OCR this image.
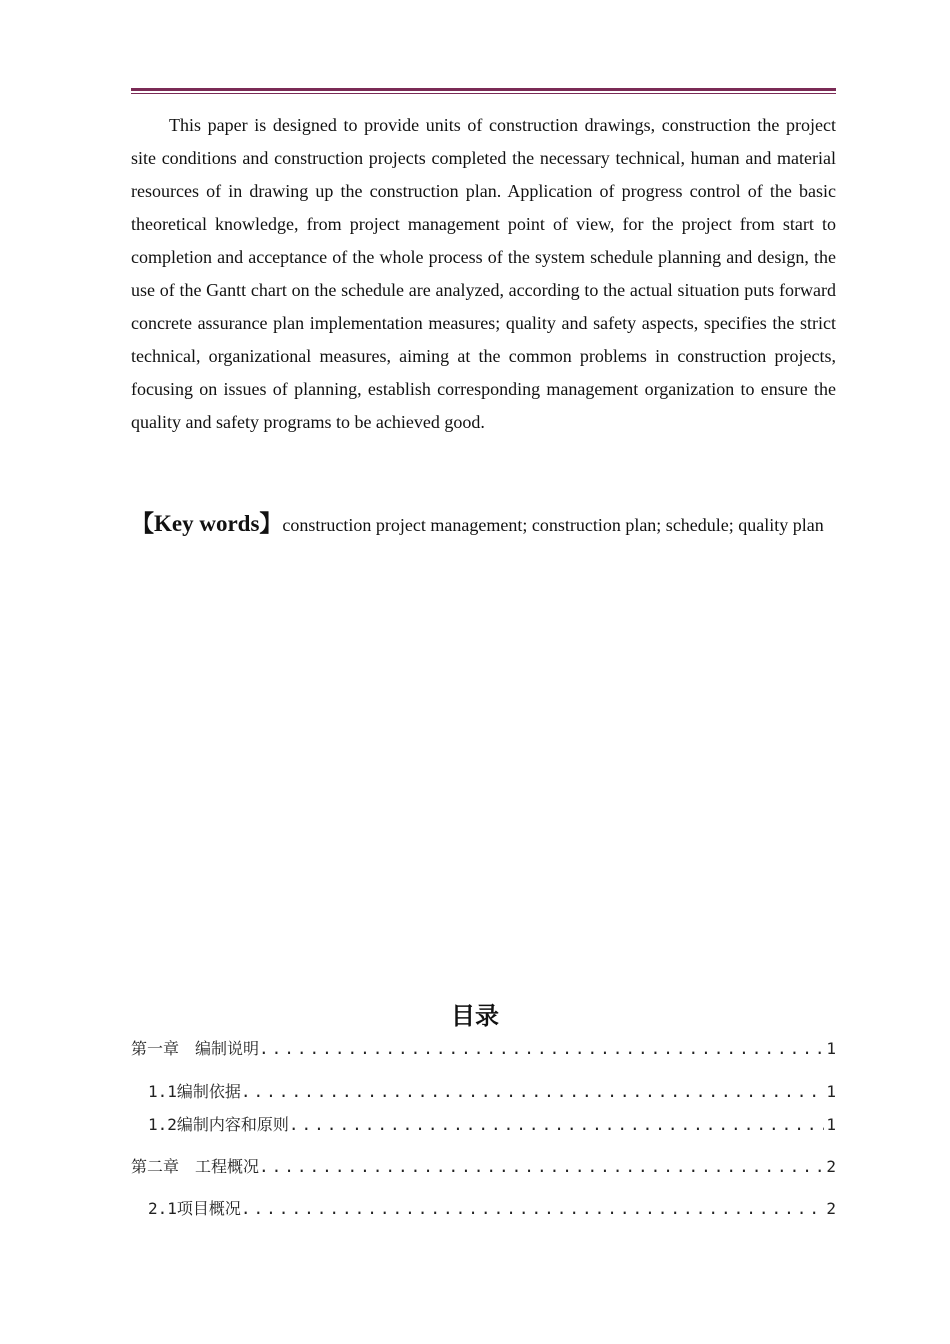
This paper is designed to provide units of construction drawings, construction the project site conditions and construction projects completed the necessary technical, human and material resources of in drawing up the construction plan. Application of progress control of the basic theoretical knowledge, from project management point of view, for the project from start to completion and acceptance of the whole process of the system schedule planning and design, the use of the Gantt chart on the schedule are analyzed, according to the actual situation puts forward concrete assurance plan implementation measures; quality and safety aspects, specifies the strict technical, organizational measures, aiming at the common problems in construction projects, focusing on issues of planning, establish corresponding management organization to ensure the quality and safety programs to be achieved good.

【Key words】construction project management; construction plan; schedule; quality plan

目录
第一章　编制说明 .....	1
1.1编制依据 .....	1
1.2编制内容和原则 .....	1
第二章　工程概况 .....	2
2.1项目概况 .....	2
